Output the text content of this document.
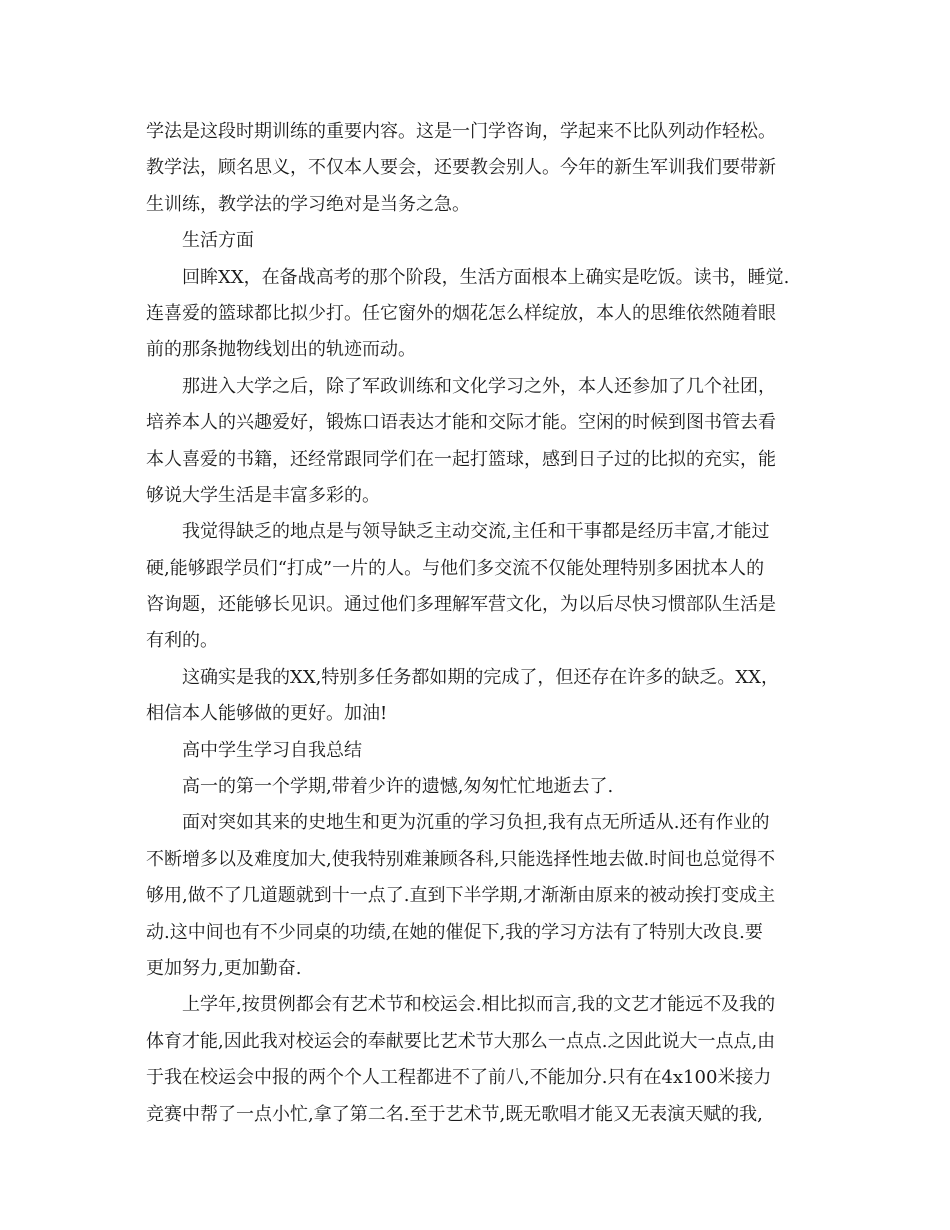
学法是这段时期训练的重要内容。这是一门学咨询，学起来不比队列动作轻松。
教学法，顾名思义，不仅本人要会，还要教会别人。今年的新生军训我们要带新
生训练，教学法的学习绝对是当务之急。
生活方面
回眸XX，在备战高考的那个阶段，生活方面根本上确实是吃饭。读书，睡觉.
连喜爱的篮球都比拟少打。任它窗外的烟花怎么样绽放，本人的思维依然随着眼
前的那条抛物线划出的轨迹而动。
那进入大学之后，除了军政训练和文化学习之外，本人还参加了几个社团，
培养本人的兴趣爱好，锻炼口语表达才能和交际才能。空闲的时候到图书管去看
本人喜爱的书籍，还经常跟同学们在一起打篮球，感到日子过的比拟的充实，能
够说大学生活是丰富多彩的。
我觉得缺乏的地点是与领导缺乏主动交流,主任和干事都是经历丰富,才能过
硬,能够跟学员们“打成”一片的人。与他们多交流不仅能处理特别多困扰本人的
咨询题，还能够长见识。通过他们多理解军营文化，为以后尽快习惯部队生活是
有利的。
这确实是我的XX,特别多任务都如期的完成了，但还存在许多的缺乏。XX，
相信本人能够做的更好。加油!
高中学生学习自我总结
高一的第一个学期,带着少许的遗憾,匆匆忙忙地逝去了.
面对突如其来的史地生和更为沉重的学习负担,我有点无所适从.还有作业的
不断增多以及难度加大,使我特别难兼顾各科,只能选择性地去做.时间也总觉得不
够用,做不了几道题就到十一点了.直到下半学期,才渐渐由原来的被动挨打变成主
动.这中间也有不少同桌的功绩,在她的催促下,我的学习方法有了特别大改良.要
更加努力,更加勤奋.
上学年,按贯例都会有艺术节和校运会.相比拟而言,我的文艺才能远不及我的
体育才能,因此我对校运会的奉献要比艺术节大那么一点点.之因此说大一点点,由
于我在校运会中报的两个个人工程都进不了前八,不能加分.只有在4x100米接力
竞赛中帮了一点小忙,拿了第二名.至于艺术节,既无歌唱才能又无表演天赋的我,
